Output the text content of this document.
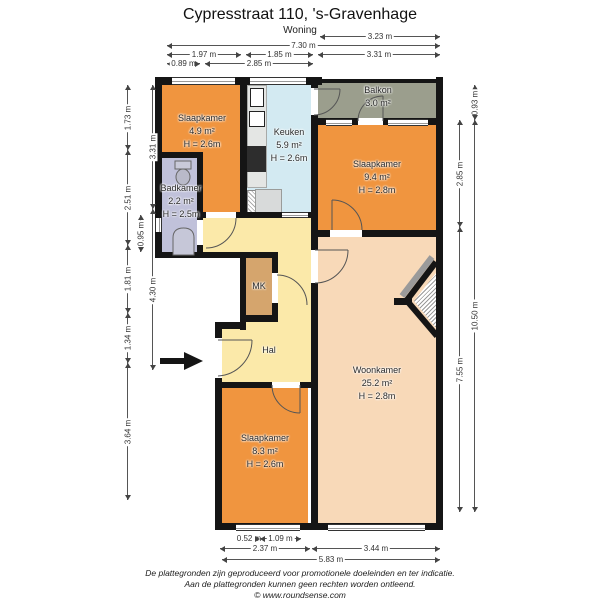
Cypresstraat 110, 's-Gravenhage
Woning
Slaapkamer
4.9 m²
H = 2.6m
Keuken
5.9 m²
H = 2.6m
Balkon
3.0 m²
Slaapkamer
9.4 m²
H = 2.8m
Badkamer
2.2 m²
H = 2.5m
MK
Hal
Woonkamer
25.2 m²
H = 2.8m
Slaapkamer
8.3 m²
H = 2.6m
3.23 m
7.30 m
1.97 m	1.85 m	3.31 m
0.89 m	2.85 m
1.73 m
2.51 m
1.81 m
1.34 m
3.64 m
0.95 m
3.31 m
4.30 m
0.93 m
10.50 m
2.85 m
7.55 m
0.52 m 1.09 m
2.37 m	3.44 m
5.83 m
De plattegronden zijn geproduceerd voor promotionele doeleinden en ter indicatie.
Aan de plattegronden kunnen geen rechten worden ontleend.
© www.roundsense.com
